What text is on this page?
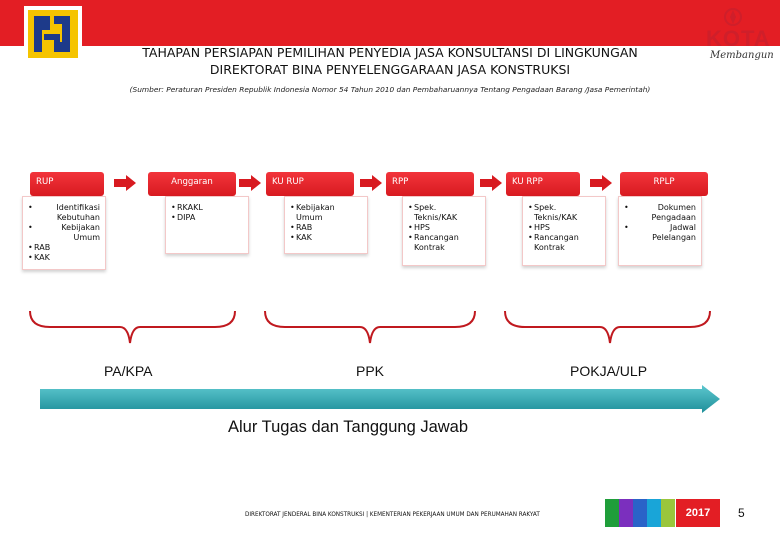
KOTA
Membangun
TAHAPAN PERSIAPAN PEMILIHAN PENYEDIA JASA KONSULTANSI DI LINGKUNGAN
DIREKTORAT BINA PENYELENGGARAAN JASA KONSTRUKSI
(Sumber: Peraturan Presiden Republik Indonesia Nomor 54 Tahun 2010 dan Pembaharuannya Tentang Pengadaan Barang /Jasa Pemerintah)
RUP	Anggaran	KU RUP	RPP	KU RPP	RPLP
• Identifikasi Kebutuhan
• Kebijakan Umum
• RAB
• KAK
• RKAKL
• DIPA
• Kebijakan Umum
• RAB
• KAK
• Spek. Teknis/KAK
• HPS
• Rancangan Kontrak
• Spek. Teknis/KAK
• HPS
• Rancangan Kontrak
• Dokumen Pengadaan
• Jadwal Pelelangan
PA/KPA	PPK	POKJA/ULP
Alur Tugas dan Tanggung Jawab
DIREKTORAT JENDERAL BINA KONSTRUKSI | KEMENTERIAN PEKERJAAN UMUM DAN PERUMAHAN RAKYAT	2017	5
